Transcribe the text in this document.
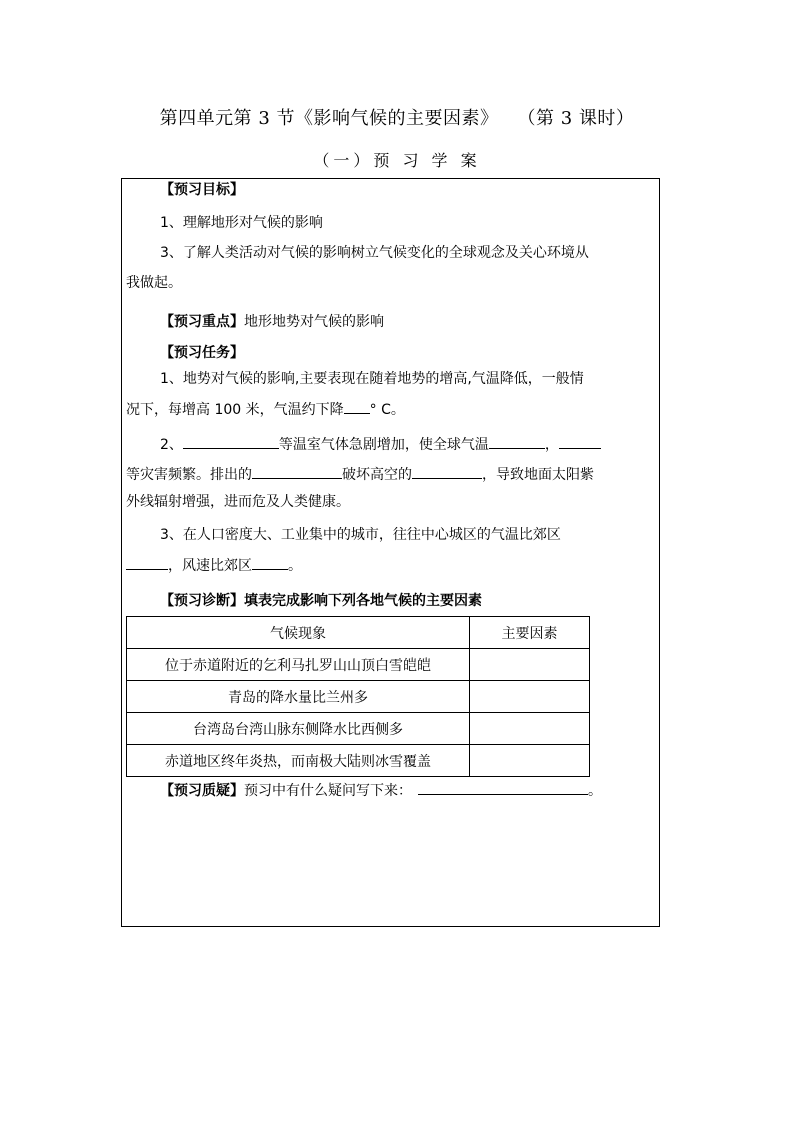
第四单元第 3 节《影响气候的主要因素》 （第 3 课时）
（一）预 习 学 案
【预习目标】
1、理解地形对气候的影响
3、了解人类活动对气候的影响树立气候变化的全球观念及关心环境从
我做起。
【预习重点】地形地势对气候的影响
【预习任务】
1、地势对气候的影响,主要表现在随着地势的增高,气温降低，一般情
况下，每增高 100 米，气温约下降 ° C。
2、	等温室气体急剧增加，使全球气温	，
等灾害频繁。排出的	破坏高空的	，导致地面太阳紫
外线辐射增强，进而危及人类健康。
3、在人口密度大、工业集中的城市，往往中心城区的气温比郊区
，风速比郊区	。
【预习诊断】填表完成影响下列各地气候的主要因素
气候现象	主要因素
位于赤道附近的乞利马扎罗山山顶白雪皑皑	
青岛的降水量比兰州多	
台湾岛台湾山脉东侧降水比西侧多	
赤道地区终年炎热，而南极大陆则冰雪覆盖	
【预习质疑】预习中有什么疑问写下来：	。
